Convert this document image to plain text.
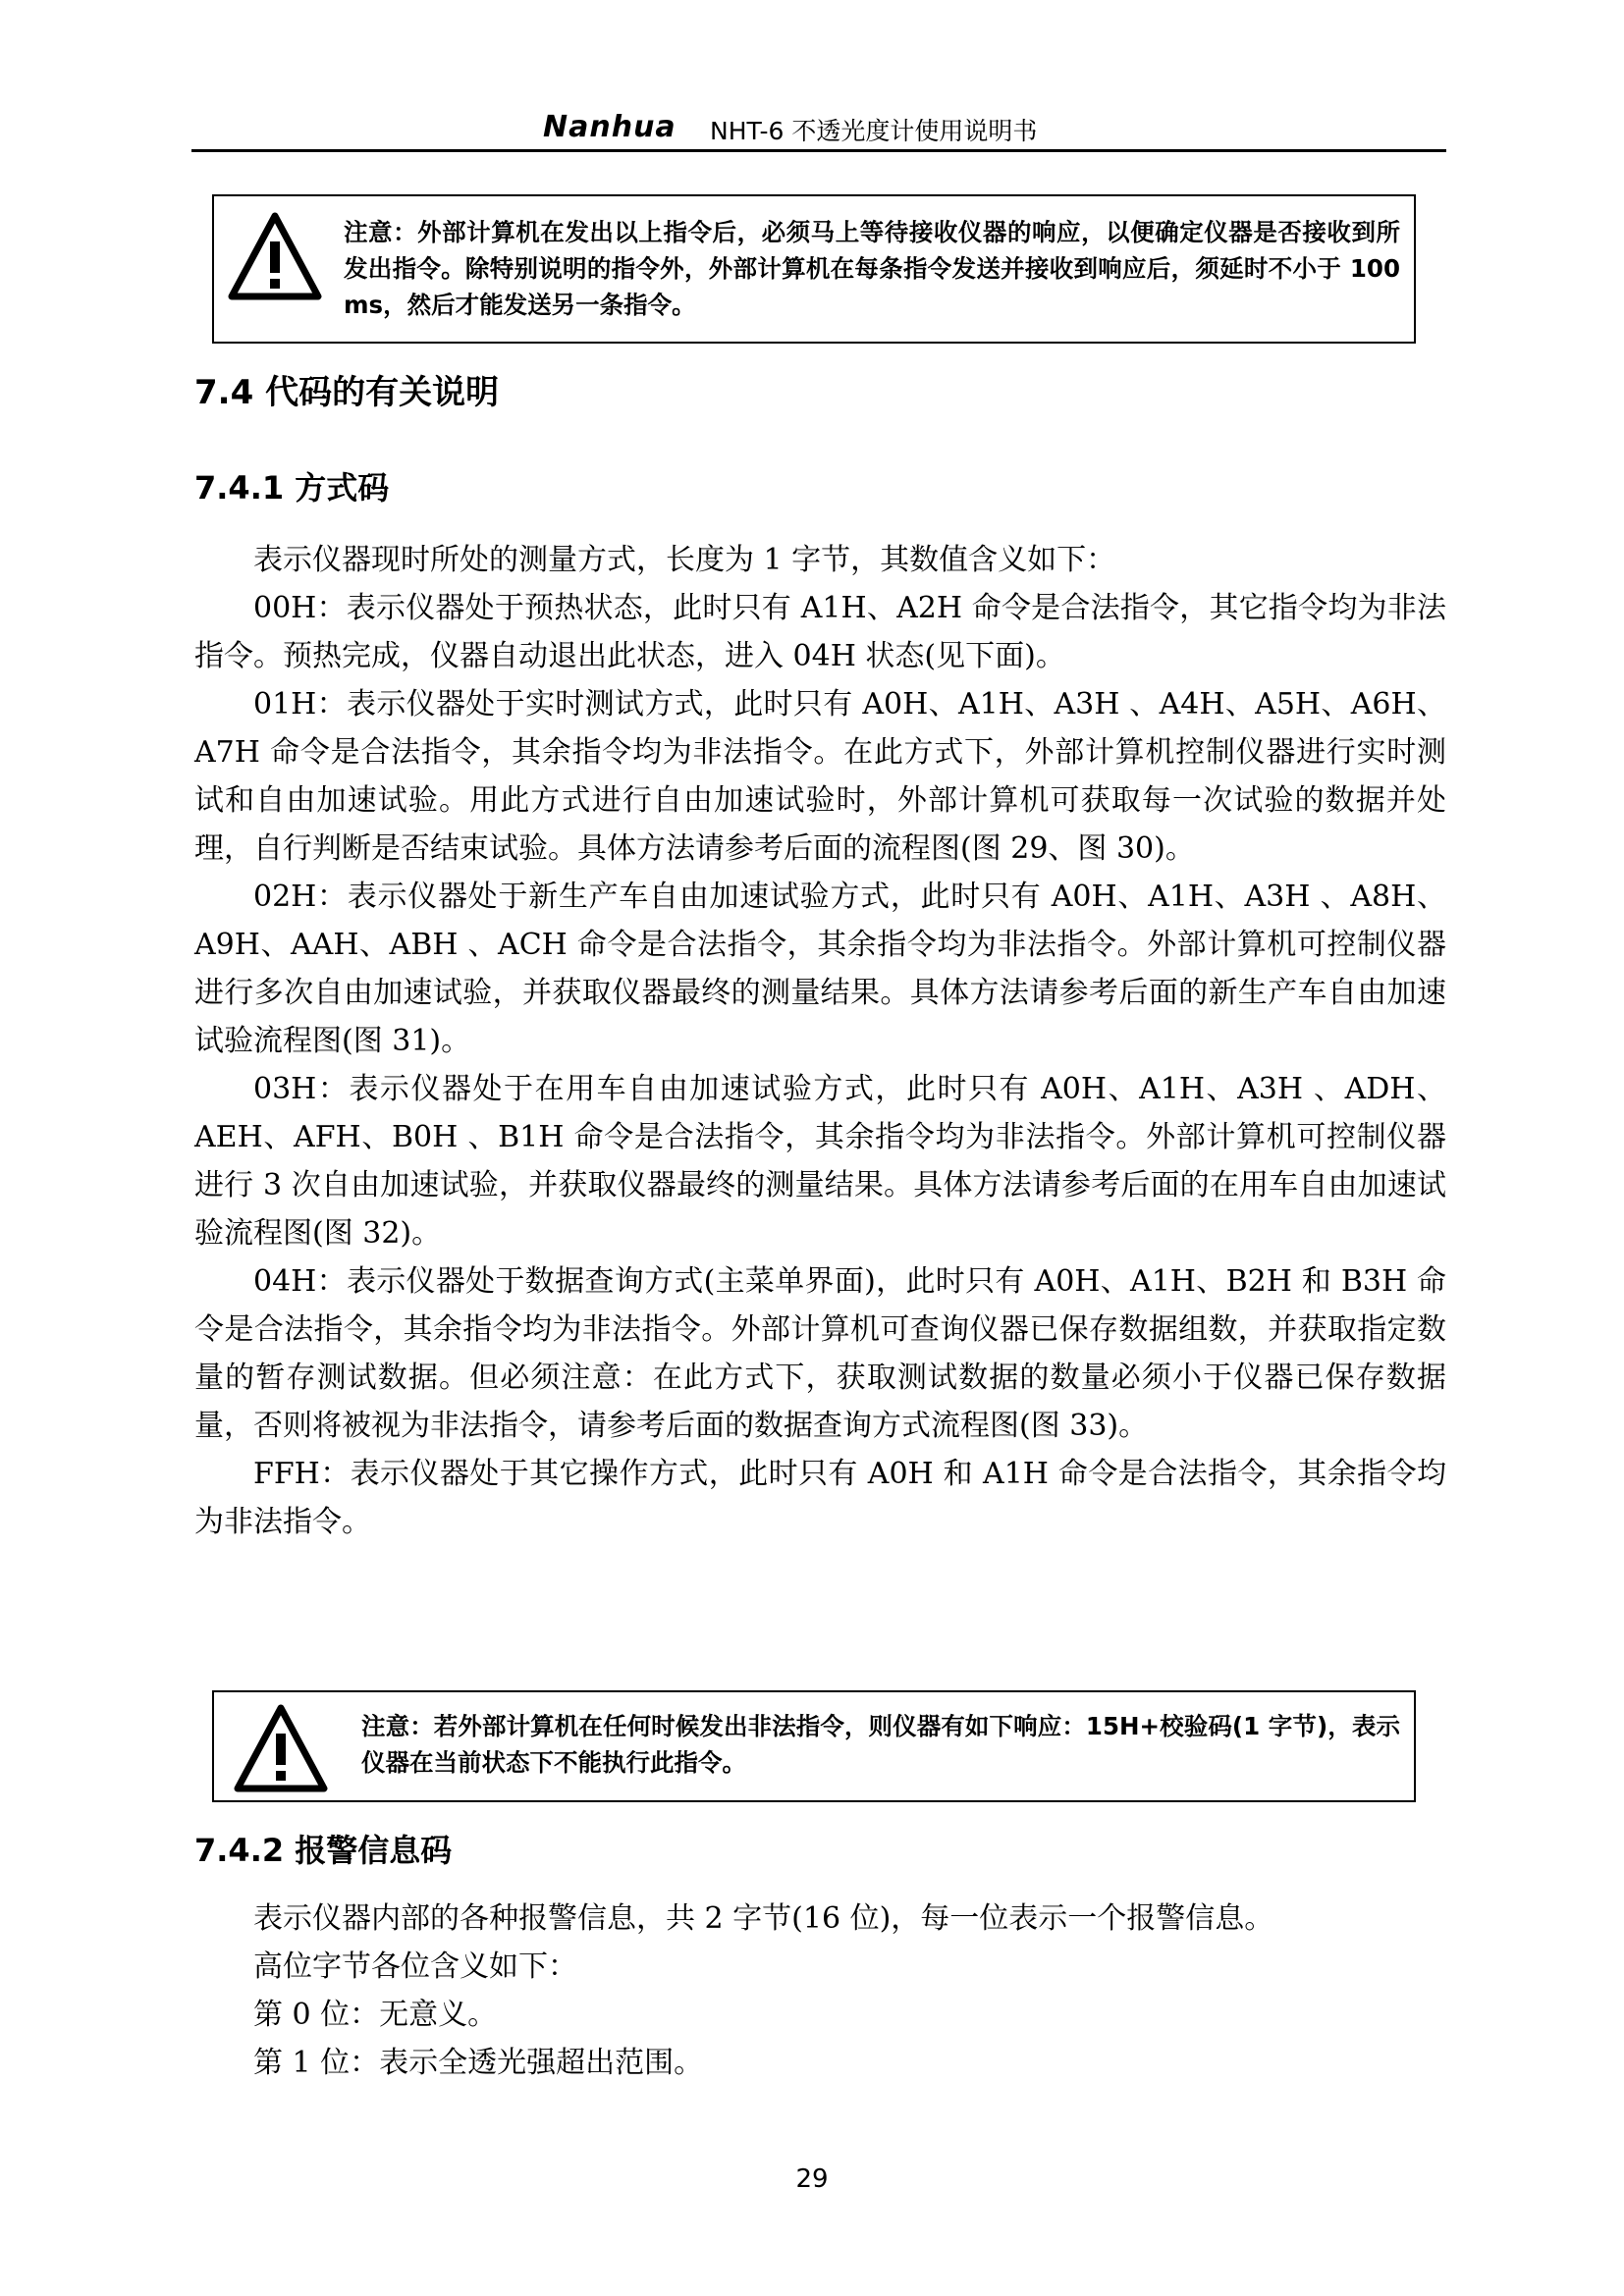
Nanhua NHT-6 不透光度计使用说明书
注意：外部计算机在发出以上指令后，必须马上等待接收仪器的响应，以便确定仪器是否接收到所发出指令。除特别说明的指令外，外部计算机在每条指令发送并接收到响应后，须延时不小于 100 ms，然后才能发送另一条指令。
7.4 代码的有关说明
7.4.1 方式码

表示仪器现时所处的测量方式，长度为 1 字节，其数值含义如下：

00H：表示仪器处于预热状态，此时只有 A1H、A2H 命令是合法指令，其它指令均为非法指令。预热完成，仪器自动退出此状态，进入 04H 状态(见下面)。

01H：表示仪器处于实时测试方式，此时只有 A0H、A1H、A3H 、A4H、A5H、A6H、A7H 命令是合法指令，其余指令均为非法指令。在此方式下，外部计算机控制仪器进行实时测试和自由加速试验。用此方式进行自由加速试验时，外部计算机可获取每一次试验的数据并处理，自行判断是否结束试验。具体方法请参考后面的流程图(图 29、图 30)。

02H：表示仪器处于新生产车自由加速试验方式，此时只有 A0H、A1H、A3H 、A8H、A9H、AAH、ABH 、ACH 命令是合法指令，其余指令均为非法指令。外部计算机可控制仪器进行多次自由加速试验，并获取仪器最终的测量结果。具体方法请参考后面的新生产车自由加速试验流程图(图 31)。

03H：表示仪器处于在用车自由加速试验方式，此时只有 A0H、A1H、A3H 、ADH、AEH、AFH、B0H 、B1H 命令是合法指令，其余指令均为非法指令。外部计算机可控制仪器进行 3 次自由加速试验，并获取仪器最终的测量结果。具体方法请参考后面的在用车自由加速试验流程图(图 32)。

04H：表示仪器处于数据查询方式(主菜单界面)，此时只有 A0H、A1H、B2H 和 B3H 命令是合法指令，其余指令均为非法指令。外部计算机可查询仪器已保存数据组数，并获取指定数量的暂存测试数据。但必须注意：在此方式下，获取测试数据的数量必须小于仪器已保存数据量，否则将被视为非法指令，请参考后面的数据查询方式流程图(图 33)。

FFH：表示仪器处于其它操作方式，此时只有 A0H 和 A1H 命令是合法指令，其余指令均为非法指令。

注意：若外部计算机在任何时候发出非法指令，则仪器有如下响应：15H+校验码(1 字节)，表示仪器在当前状态下不能执行此指令。
7.4.2 报警信息码

表示仪器内部的各种报警信息，共 2 字节(16 位)，每一位表示一个报警信息。

高位字节各位含义如下：

第 0 位：无意义。

第 1 位：表示全透光强超出范围。

29
